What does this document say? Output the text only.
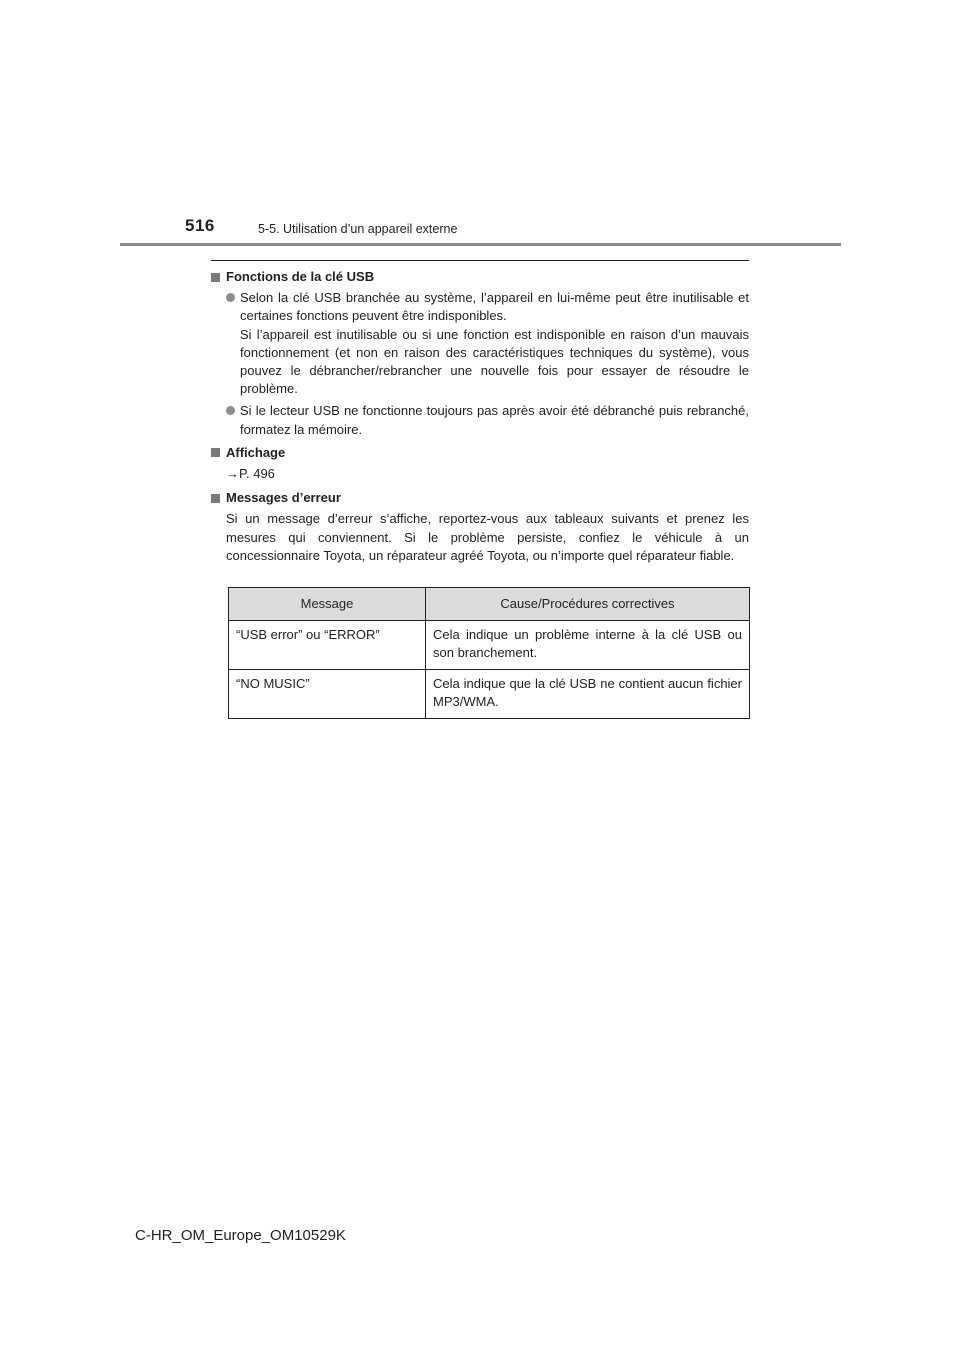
516	5-5. Utilisation d’un appareil externe
Fonctions de la clé USB

Selon la clé USB branchée au système, l’appareil en lui-même peut être inutilisable et certaines fonctions peuvent être indisponibles.

Si l’appareil est inutilisable ou si une fonction est indisponible en raison d’un mauvais fonctionnement (et non en raison des caractéristiques techniques du système), vous pouvez le débrancher/rebrancher une nouvelle fois pour essayer de résoudre le problème.

Si le lecteur USB ne fonctionne toujours pas après avoir été débranché puis rebranché, formatez la mémoire.

Affichage
→P. 496
Messages d’erreur

Si un message d’erreur s’affiche, reportez-vous aux tableaux suivants et prenez les mesures qui conviennent. Si le problème persiste, confiez le véhicule à un concessionnaire Toyota, un réparateur agréé Toyota, ou n’importe quel réparateur fiable.

Message	Cause/Procédures correctives
“USB error” ou “ERROR”	Cela indique un problème interne à la clé USB ou son branchement.
“NO MUSIC”	Cela indique que la clé USB ne contient aucun fichier MP3/WMA.
C-HR_OM_Europe_OM10529K
